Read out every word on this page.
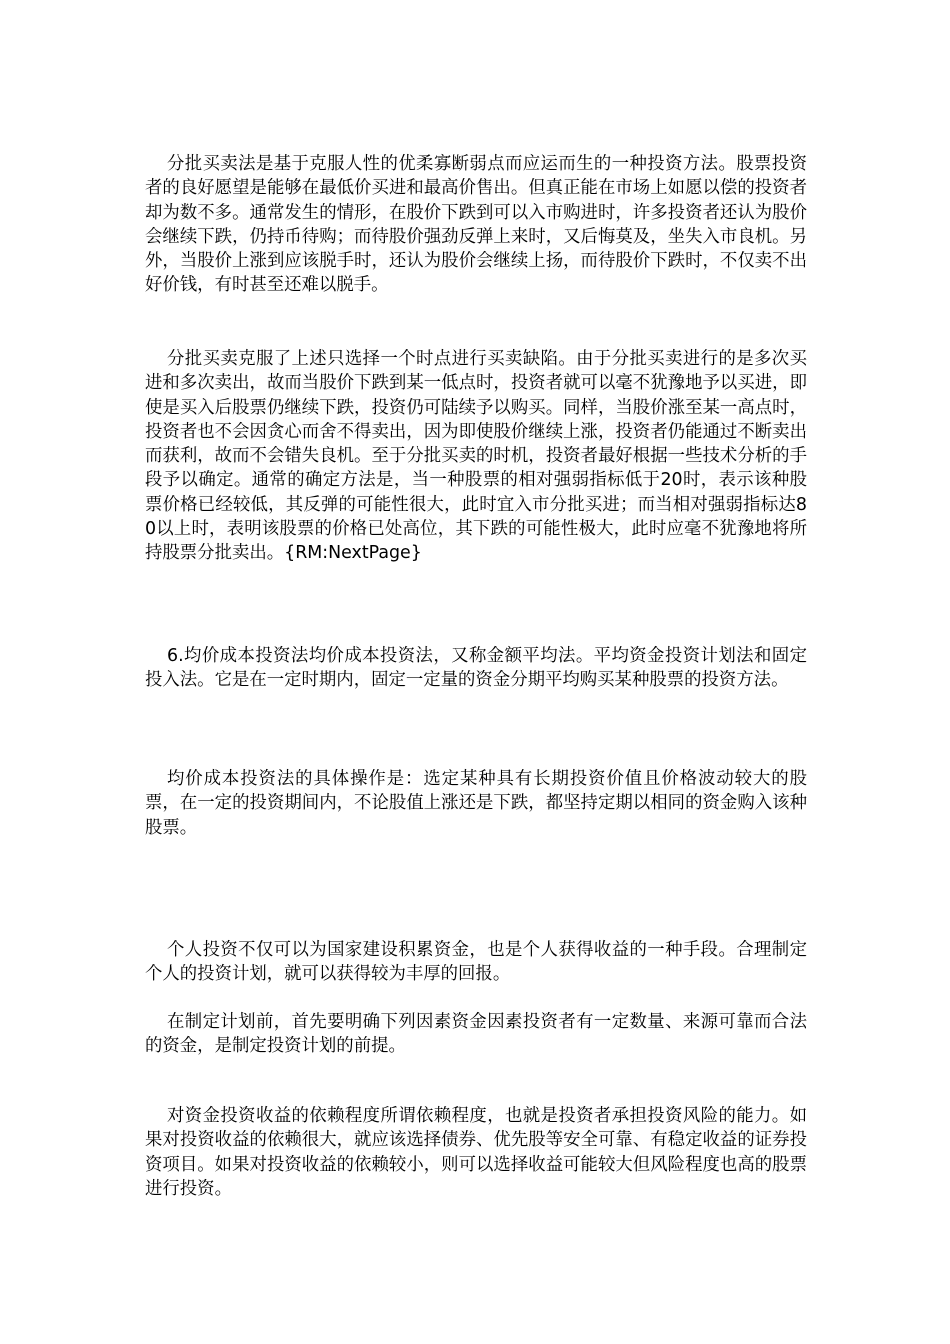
分批买卖法是基于克服人性的优柔寡断弱点而应运而生的一种投资方法。股票投资者的良好愿望是能够在最低价买进和最高价售出。但真正能在市场上如愿以偿的投资者却为数不多。通常发生的情形，在股价下跌到可以入市购进时，许多投资者还认为股价会继续下跌，仍持币待购；而待股价强劲反弹上来时，又后悔莫及，坐失入市良机。另外，当股价上涨到应该脱手时，还认为股价会继续上扬，而待股价下跌时，不仅卖不出好价钱，有时甚至还难以脱手。

分批买卖克服了上述只选择一个时点进行买卖缺陷。由于分批买卖进行的是多次买进和多次卖出，故而当股价下跌到某一低点时，投资者就可以毫不犹豫地予以买进，即使是买入后股票仍继续下跌，投资仍可陆续予以购买。同样，当股价涨至某一高点时，投资者也不会因贪心而舍不得卖出，因为即使股价继续上涨，投资者仍能通过不断卖出而获利，故而不会错失良机。至于分批买卖的时机，投资者最好根据一些技术分析的手段予以确定。通常的确定方法是，当一种股票的相对强弱指标低于20时，表示该种股票价格已经较低，其反弹的可能性很大，此时宜入市分批买进；而当相对强弱指标达80以上时，表明该股票的价格已处高位，其下跌的可能性极大，此时应毫不犹豫地将所持股票分批卖出。{RM:NextPage}

6.均价成本投资法均价成本投资法，又称金额平均法。平均资金投资计划法和固定投入法。它是在一定时期内，固定一定量的资金分期平均购买某种股票的投资方法。

均价成本投资法的具体操作是：选定某种具有长期投资价值且价格波动较大的股票，在一定的投资期间内，不论股值上涨还是下跌，都坚持定期以相同的资金购入该种股票。

个人投资不仅可以为国家建设积累资金，也是个人获得收益的一种手段。合理制定个人的投资计划，就可以获得较为丰厚的回报。

在制定计划前，首先要明确下列因素资金因素投资者有一定数量、来源可靠而合法的资金，是制定投资计划的前提。

对资金投资收益的依赖程度所谓依赖程度，也就是投资者承担投资风险的能力。如果对投资收益的依赖很大，就应该选择债券、优先股等安全可靠、有稳定收益的证券投资项目。如果对投资收益的依赖较小，则可以选择收益可能较大但风险程度也高的股票进行投资。
